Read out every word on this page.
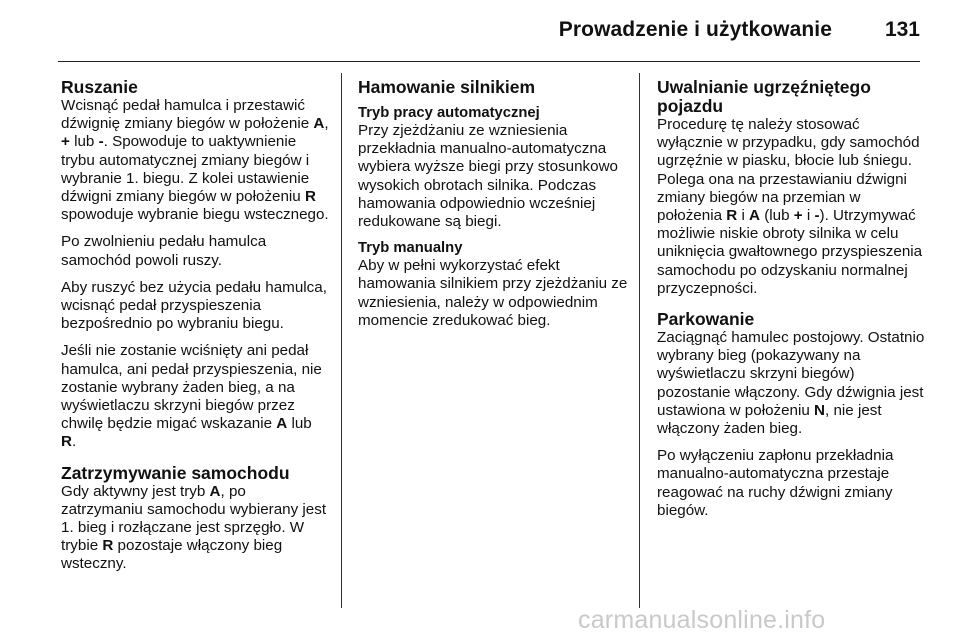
Prowadzenie i użytkowanie	131
Ruszanie

Wcisnąć pedał hamulca i przestawić dźwignię zmiany biegów w położenie A, + lub -. Spowoduje to uaktywnienie trybu automatycznej zmiany biegów i wybranie 1. biegu. Z kolei ustawienie dźwigni zmiany biegów w położeniu R spowoduje wybranie biegu wstecznego.

Po zwolnieniu pedału hamulca samochód powoli ruszy.

Aby ruszyć bez użycia pedału hamulca, wcisnąć pedał przyspieszenia bezpośrednio po wybraniu biegu.

Jeśli nie zostanie wciśnięty ani pedał hamulca, ani pedał przyspieszenia, nie zostanie wybrany żaden bieg, a na wyświetlaczu skrzyni biegów przez chwilę będzie migać wskazanie A lub R.

Zatrzymywanie samochodu

Gdy aktywny jest tryb A, po zatrzymaniu samochodu wybierany jest 1. bieg i rozłączane jest sprzęgło. W trybie R pozostaje włączony bieg wsteczny.

Hamowanie silnikiem
Tryb pracy automatycznej

Przy zjeżdżaniu ze wzniesienia przekładnia manualno-automatyczna wybiera wyższe biegi przy stosunkowo wysokich obrotach silnika. Podczas hamowania odpowiednio wcześniej redukowane są biegi.

Tryb manualny

Aby w pełni wykorzystać efekt hamowania silnikiem przy zjeżdżaniu ze wzniesienia, należy w odpowiednim momencie zredukować bieg.

Uwalnianie ugrzęźniętego pojazdu

Procedurę tę należy stosować wyłącznie w przypadku, gdy samochód ugrzęźnie w piasku, błocie lub śniegu. Polega ona na przestawianiu dźwigni zmiany biegów na przemian w położenia R i A (lub + i -). Utrzymywać możliwie niskie obroty silnika w celu uniknięcia gwałtownego przyspieszenia samochodu po odzyskaniu normalnej przyczepności.

Parkowanie

Zaciągnąć hamulec postojowy. Ostatnio wybrany bieg (pokazywany na wyświetlaczu skrzyni biegów) pozostanie włączony. Gdy dźwignia jest ustawiona w położeniu N, nie jest włączony żaden bieg.

Po wyłączeniu zapłonu przekładnia manualno-automatyczna przestaje reagować na ruchy dźwigni zmiany biegów.

carmanualsonline.info
